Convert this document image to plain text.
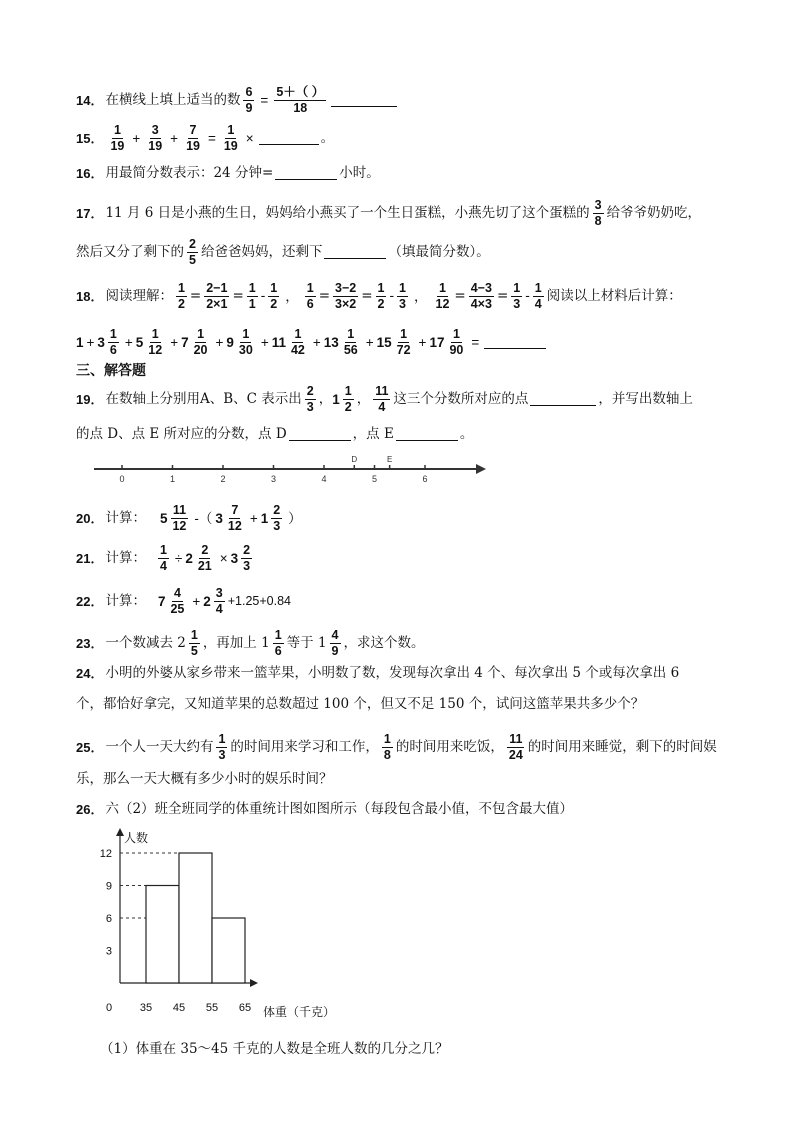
14． 在横线上填上适当的数 $\frac{6}{9} = \frac{5+( )}{18}$
15． $\frac{1}{19} + \frac{3}{19} + \frac{7}{19} = \frac{1}{19}$ ×	。
16． 用最简分数表示：24 分钟=	小时。
17． 11 月 6 日是小燕的生日，妈妈给小燕买了一个生日蛋糕，小燕先切了这个蛋糕的 $\frac{3}{8}$ 给爷爷奶奶吃，
然后又分了剩下的 $\frac{2}{5}$ 给爸爸妈妈，还剩下	（填最简分数）。
18． 阅读理解： $\frac{1}{2} = \frac{2-1}{2\times 1} = \frac{1}{1} - \frac{1}{2}$ ， $\frac{1}{6} = \frac{3-2}{3\times 2} = \frac{1}{2} - \frac{1}{3}$ ， $\frac{1}{12} = \frac{4-3}{4\times 3} = \frac{1}{3} - \frac{1}{4}$ 阅读以上材料后计算：
$1 + 3 \frac{1}{6} + 5 \frac{1}{12} + 7 \frac{1}{20} + 9 \frac{1}{30} + 11 \frac{1}{42} + 13 \frac{1}{56} + 15 \frac{1}{72} + 17 \frac{1}{90}$ =
三、解答题
19． 在数轴上分别用A、B、C 表示出 $\frac{2}{3}$ ， $1 \frac{1}{2}$ ， $\frac{11}{4}$ 这三个分数所对应的点	，并写出数轴上
的点 D、点 E 所对应的分数，点 D	，点 E	。
0	1	2	3	4	5	6
D	E
20． 计算： $5 \frac{11}{12}$ -（ $3 \frac{7}{12} + 1 \frac{2}{3}$ ）
21． 计算： $\frac{1}{4} \div 2 \frac{2}{21} \times 3 \frac{2}{3}$
22． 计算： $7 \frac{4}{25} + 2 \frac{3}{4} +1.25+0.84$
23． 一个数减去 $2 \frac{1}{5}$ ，再加上 $1 \frac{1}{6}$ 等于 $1 \frac{4}{9}$ ，求这个数。
24． 小明的外婆从家乡带来一篮苹果，小明数了数，发现每次拿出 4 个、每次拿出 5 个或每次拿出 6
个，都恰好拿完，又知道苹果的总数超过 100 个，但又不足 150 个，试问这篮苹果共多少个？
25． 一个人一天大约有 $\frac{1}{3}$ 的时间用来学习和工作， $\frac{1}{8}$ 的时间用来吃饭， $\frac{11}{24}$ 的时间用来睡觉，剩下的时间娱
乐，那么一天大概有多少小时的娱乐时间？
26． 六（2）班全班同学的体重统计图如图所示（每段包含最小值，不包含最大值）
人数
体重（千克）
0
3
6
9
12
35 45 55 65
（1）体重在 35～45 千克的人数是全班人数的几分之几？
